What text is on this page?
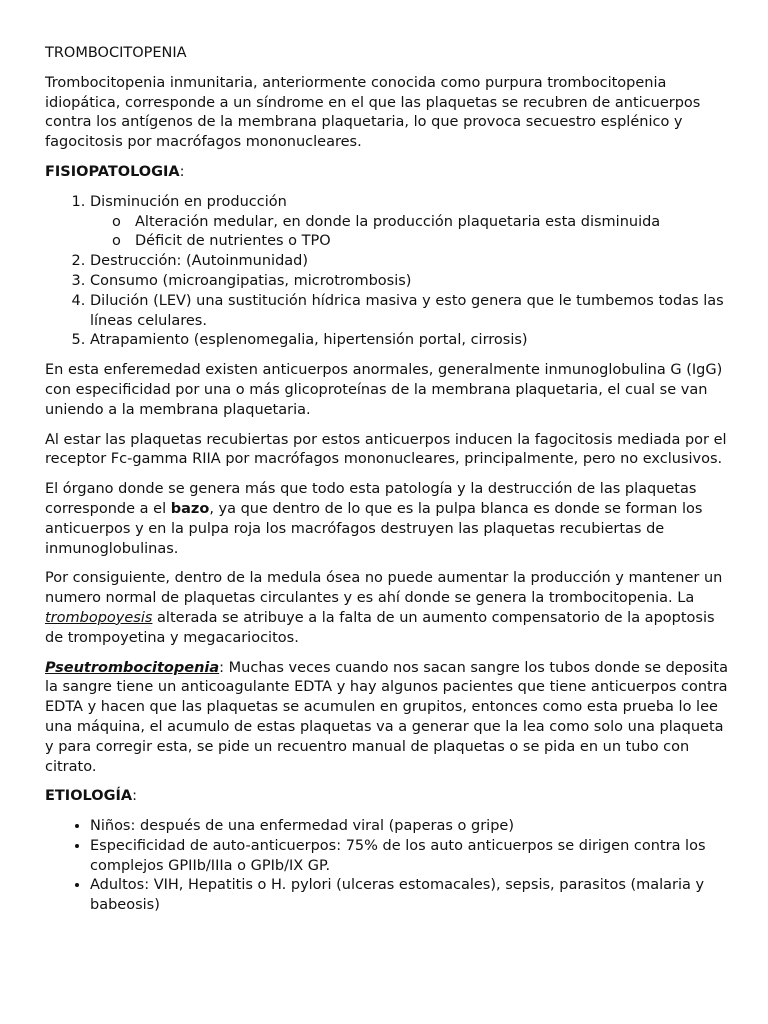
TROMBOCITOPENIA

Trombocitopenia inmunitaria, anteriormente conocida como purpura trombocitopenia idiopática, corresponde a un síndrome en el que las plaquetas se recubren de anticuerpos contra los antígenos de la membrana plaquetaria, lo que provoca secuestro esplénico y fagocitosis por macrófagos mononucleares.

FISIOPATOLOGIA:

1. Disminución en producción
o Alteración medular, en donde la producción plaquetaria esta disminuida
o Déficit de nutrientes o TPO
2. Destrucción: (Autoinmunidad)
3. Consumo (microangipatias, microtrombosis)
4. Dilución (LEV) una sustitución hídrica masiva y esto genera que le tumbemos todas las líneas celulares.
5. Atrapamiento (esplenomegalia, hipertensión portal, cirrosis)

En esta enferemedad existen anticuerpos anormales, generalmente inmunoglobulina G (IgG) con especificidad por una o más glicoproteínas de la membrana plaquetaria, el cual se van uniendo a la membrana plaquetaria.

Al estar las plaquetas recubiertas por estos anticuerpos inducen la fagocitosis mediada por el receptor Fc-gamma RIIA por macrófagos mononucleares, principalmente, pero no exclusivos.

El órgano donde se genera más que todo esta patología y la destrucción de las plaquetas corresponde a el bazo, ya que dentro de lo que es la pulpa blanca es donde se forman los anticuerpos y en la pulpa roja los macrófagos destruyen las plaquetas recubiertas de inmunoglobulinas.

Por consiguiente, dentro de la medula ósea no puede aumentar la producción y mantener un numero normal de plaquetas circulantes y es ahí donde se genera la trombocitopenia. La trombopoyesis alterada se atribuye a la falta de un aumento compensatorio de la apoptosis de trompoyetina y megacariocitos.

Pseutrombocitopenia: Muchas veces cuando nos sacan sangre los tubos donde se deposita la sangre tiene un anticoagulante EDTA y hay algunos pacientes que tiene anticuerpos contra EDTA y hacen que las plaquetas se acumulen en grupitos, entonces como esta prueba lo lee una máquina, el acumulo de estas plaquetas va a generar que la lea como solo una plaqueta y para corregir esta, se pide un recuentro manual de plaquetas o se pida en un tubo con citrato.

ETIOLOGÍA:

• Niños: después de una enfermedad viral (paperas o gripe)
• Especificidad de auto-anticuerpos: 75% de los auto anticuerpos se dirigen contra los complejos GPIIb/IIIa o GPIb/IX GP.
• Adultos: VIH, Hepatitis o H. pylori (ulceras estomacales), sepsis, parasitos (malaria y babeosis)
